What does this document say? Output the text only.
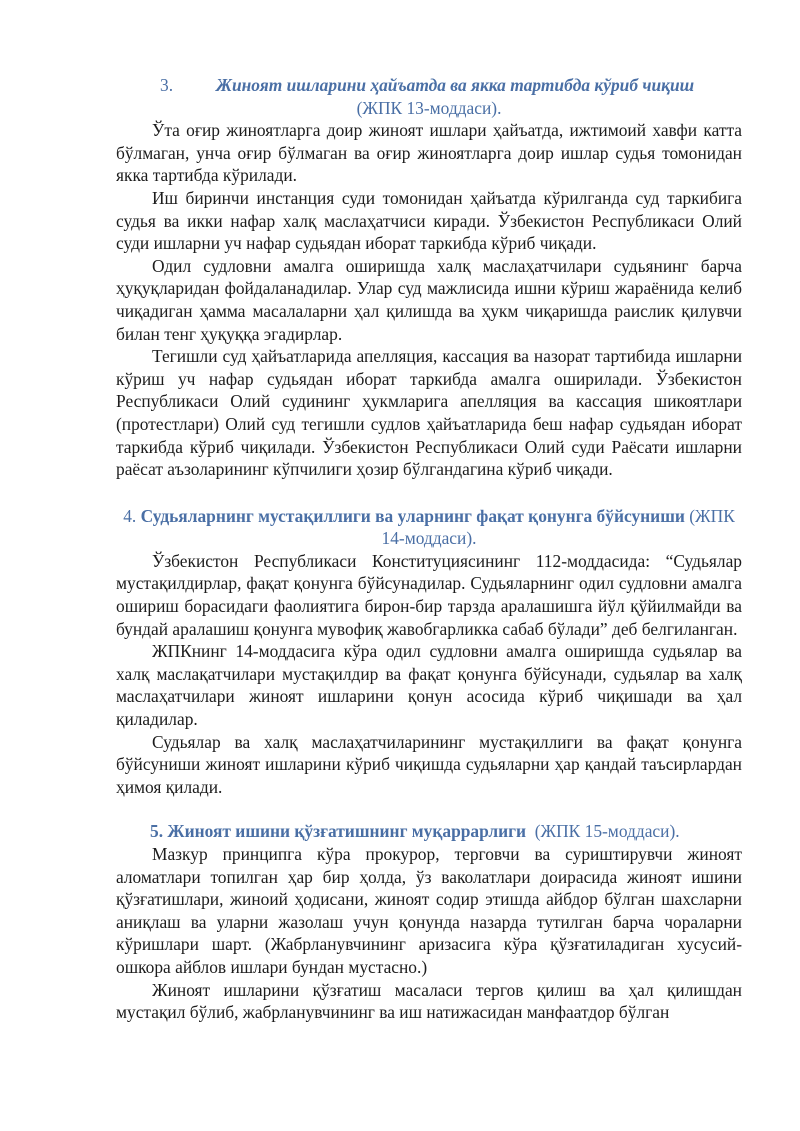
3.	Жиноят ишларини ҳайъатда ва якка тартибда кўриб чиқиш
(ЖПК 13-моддаси).

Ўта оғир жиноятларга доир жиноят ишлари ҳайъатда, ижтимоий хавфи катта бўлмаган, унча оғир бўлмаган ва оғир жиноятларга доир ишлар судья томонидан якка тартибда кўрилади.

Иш биринчи инстанция суди томонидан ҳайъатда кўрилганда суд таркибига судья ва икки нафар халқ маслаҳатчиси киради. Ўзбекистон Республикаси Олий суди ишларни уч нафар судьядан иборат таркибда кўриб чиқади.

Одил судловни амалга оширишда халқ маслаҳатчилари судьянинг барча ҳуқуқларидан фойдаланадилар. Улар суд мажлисида ишни кўриш жараёнида келиб чиқадиган ҳамма масалаларни ҳал қилишда ва ҳукм чиқаришда раислик қилувчи билан тенг ҳуқуққа эгадирлар.

Тегишли суд ҳайъатларида апелляция, кассация ва назорат тартибида ишларни кўриш уч нафар судьядан иборат таркибда амалга оширилади. Ўзбекистон Республикаси Олий судининг ҳукмларига апелляция ва кассация шикоятлари (протестлари) Олий суд тегишли судлов ҳайъатларида беш нафар судьядан иборат таркибда кўриб чиқилади. Ўзбекистон Республикаси Олий суди Раёсати ишларни раёсат аъзоларининг кўпчилиги ҳозир бўлгандагина кўриб чиқади.

4. Судьяларнинг мустақиллиги ва уларнинг фақат қонунга бўйсуниши (ЖПК 14-моддаси).

Ўзбекистон Республикаси Конституциясининг 112-моддасида: “Судьялар мустақилдирлар, фақат қонунга бўйсунадилар. Судьяларнинг одил судловни амалга ошириш борасидаги фаолиятига бирон-бир тарзда аралашишга йўл қўйилмайди ва бундай аралашиш қонунга мувофиқ жавобгарликка сабаб бўлади” деб белгиланган.

ЖПКнинг 14-моддасига кўра одил судловни амалга оширишда судьялар ва халқ маслақатчилари мустақилдир ва фақат қонунга бўйсунади, судьялар ва халқ маслаҳатчилари жиноят ишларини қонун асосида кўриб чиқишади ва ҳал қиладилар.

Судьялар ва халқ маслаҳатчиларининг мустақиллиги ва фақат қонунга бўйсуниши жиноят ишларини кўриб чиқишда судьяларни ҳар қандай таъсирлардан ҳимоя қилади.

5. Жиноят ишини қўзғатишнинг муқаррарлиги (ЖПК 15-моддаси).

Мазкур принципга кўра прокурор, терговчи ва суриштирувчи жиноят аломатлари топилган ҳар бир ҳолда, ўз ваколатлари доирасида жиноят ишини қўзғатишлари, жиноий ҳодисани, жиноят содир этишда айбдор бўлган шахсларни аниқлаш ва уларни жазолаш учун қонунда назарда тутилган барча чораларни кўришлари шарт. (Жабрланувчининг аризасига кўра қўзғатиладиган хусусий-ошкора айблов ишлари бундан мустасно.)

Жиноят ишларини қўзғатиш масаласи тергов қилиш ва ҳал қилишдан мустақил бўлиб, жабрланувчининг ва иш натижасидан манфаатдор бўлган
